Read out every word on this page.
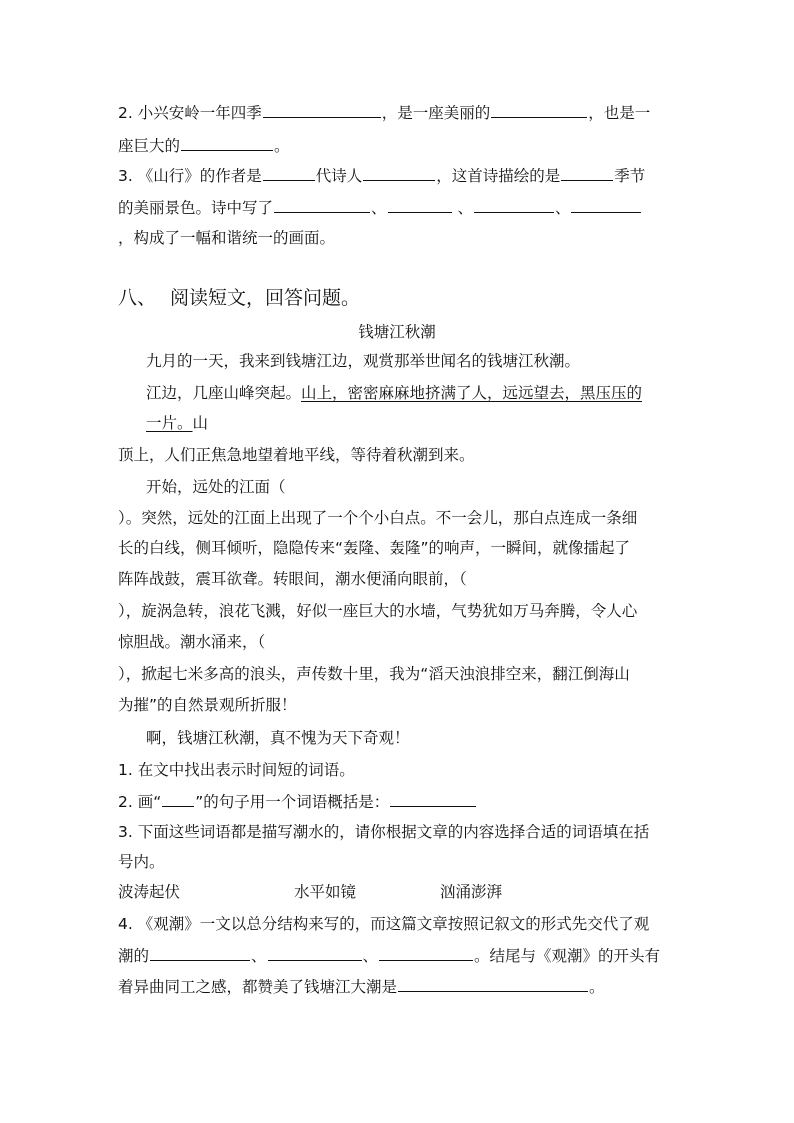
2. 小兴安岭一年四季	，是一座美丽的	，也是一
座巨大的	。
3. 《山行》的作者是	代诗人	，这首诗描绘的是	季节
的美丽景色。诗中写了	、	、	、
，构成了一幅和谐统一的画面。
八、 阅读短文，回答问题。
钱塘江秋潮
九月的一天，我来到钱塘江边，观赏那举世闻名的钱塘江秋潮。
江边，几座山峰突起。山上，密密麻麻地挤满了人，远远望去，黑压压的
一片。山
顶上，人们正焦急地望着地平线，等待着秋潮到来。
开始，远处的江面（
）。突然，远处的江面上出现了一个个小白点。不一会儿，那白点连成一条细
长的白线，侧耳倾听，隐隐传来“轰隆、轰隆”的响声，一瞬间，就像擂起了
阵阵战鼓，震耳欲聋。转眼间，潮水便涌向眼前，（
），旋涡急转，浪花飞溅，好似一座巨大的水墙，气势犹如万马奔腾，令人心
惊胆战。潮水涌来，（
），掀起七米多高的浪头，声传数十里，我为“滔天浊浪排空来，翻江倒海山
为摧”的自然景观所折服！
啊，钱塘江秋潮，真不愧为天下奇观！
1. 在文中找出表示时间短的词语。
2. 画“ ”的句子用一个词语概括是：
3. 下面这些词语都是描写潮水的，请你根据文章的内容选择合适的词语填在括
号内。
波涛起伏	水平如镜	汹涌澎湃
4. 《观潮》一文以总分结构来写的，而这篇文章按照记叙文的形式先交代了观
潮的	、	、	。结尾与《观潮》的开头有
着异曲同工之感，都赞美了钱塘江大潮是	。
